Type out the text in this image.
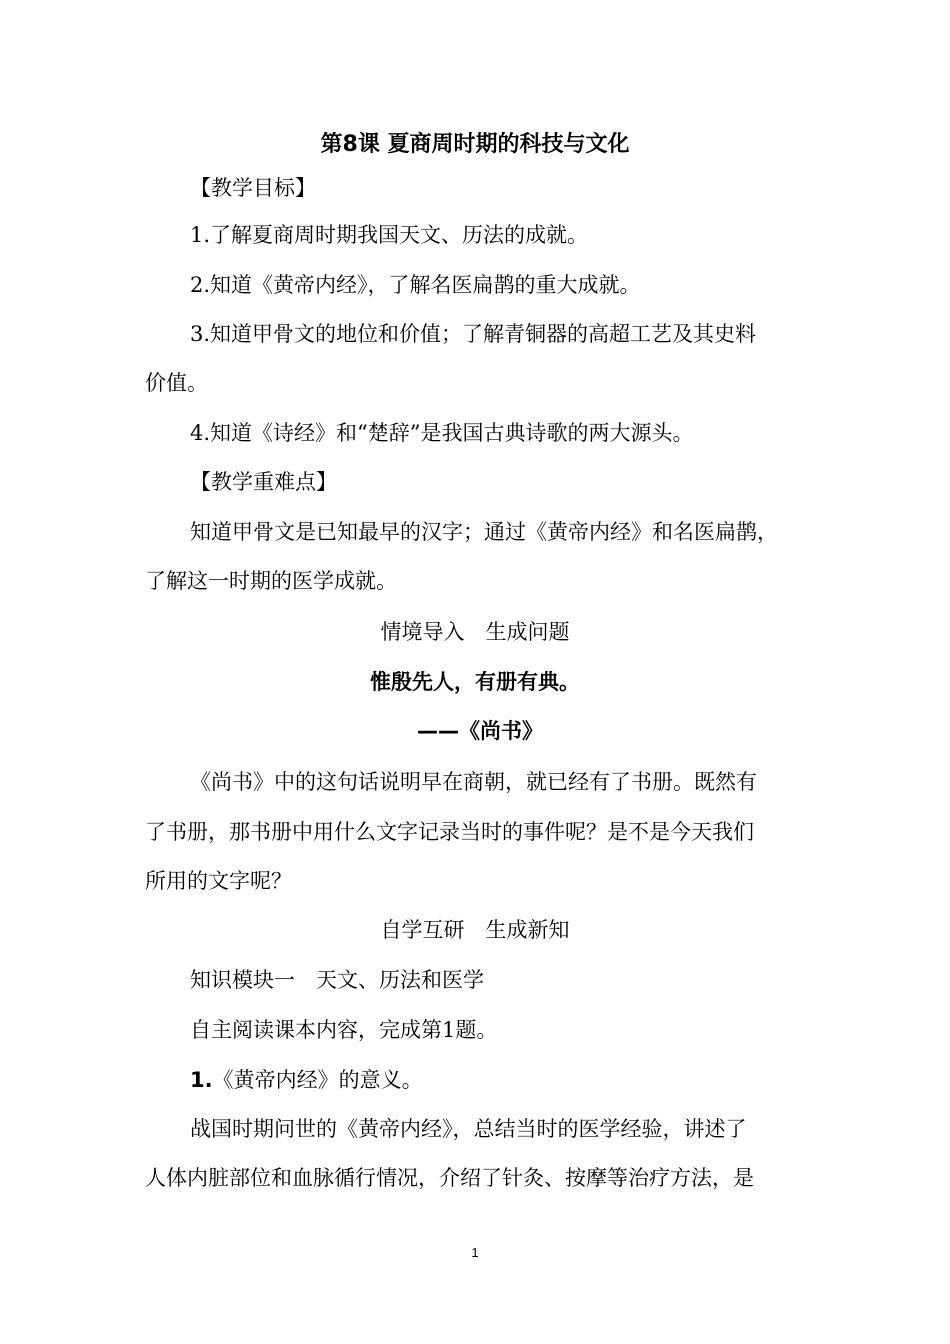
第8课 夏商周时期的科技与文化

【教学目标】

1.了解夏商周时期我国天文、历法的成就。

2.知道《黄帝内经》，了解名医扁鹊的重大成就。

3.知道甲骨文的地位和价值；了解青铜器的高超工艺及其史料

价值。

4.知道《诗经》和“楚辞”是我国古典诗歌的两大源头。

【教学重难点】

知道甲骨文是已知最早的汉字；通过《黄帝内经》和名医扁鹊，

了解这一时期的医学成就。

情境导入　生成问题

惟殷先人，有册有典。

——《尚书》

《尚书》中的这句话说明早在商朝，就已经有了书册。既然有

了书册，那书册中用什么文字记录当时的事件呢？是不是今天我们

所用的文字呢？

自学互研　生成新知

知识模块一　天文、历法和医学

自主阅读课本内容，完成第1题。

1.《黄帝内经》的意义。

战国时期问世的《黄帝内经》，总结当时的医学经验，讲述了

人体内脏部位和血脉循行情况，介绍了针灸、按摩等治疗方法，是

1
